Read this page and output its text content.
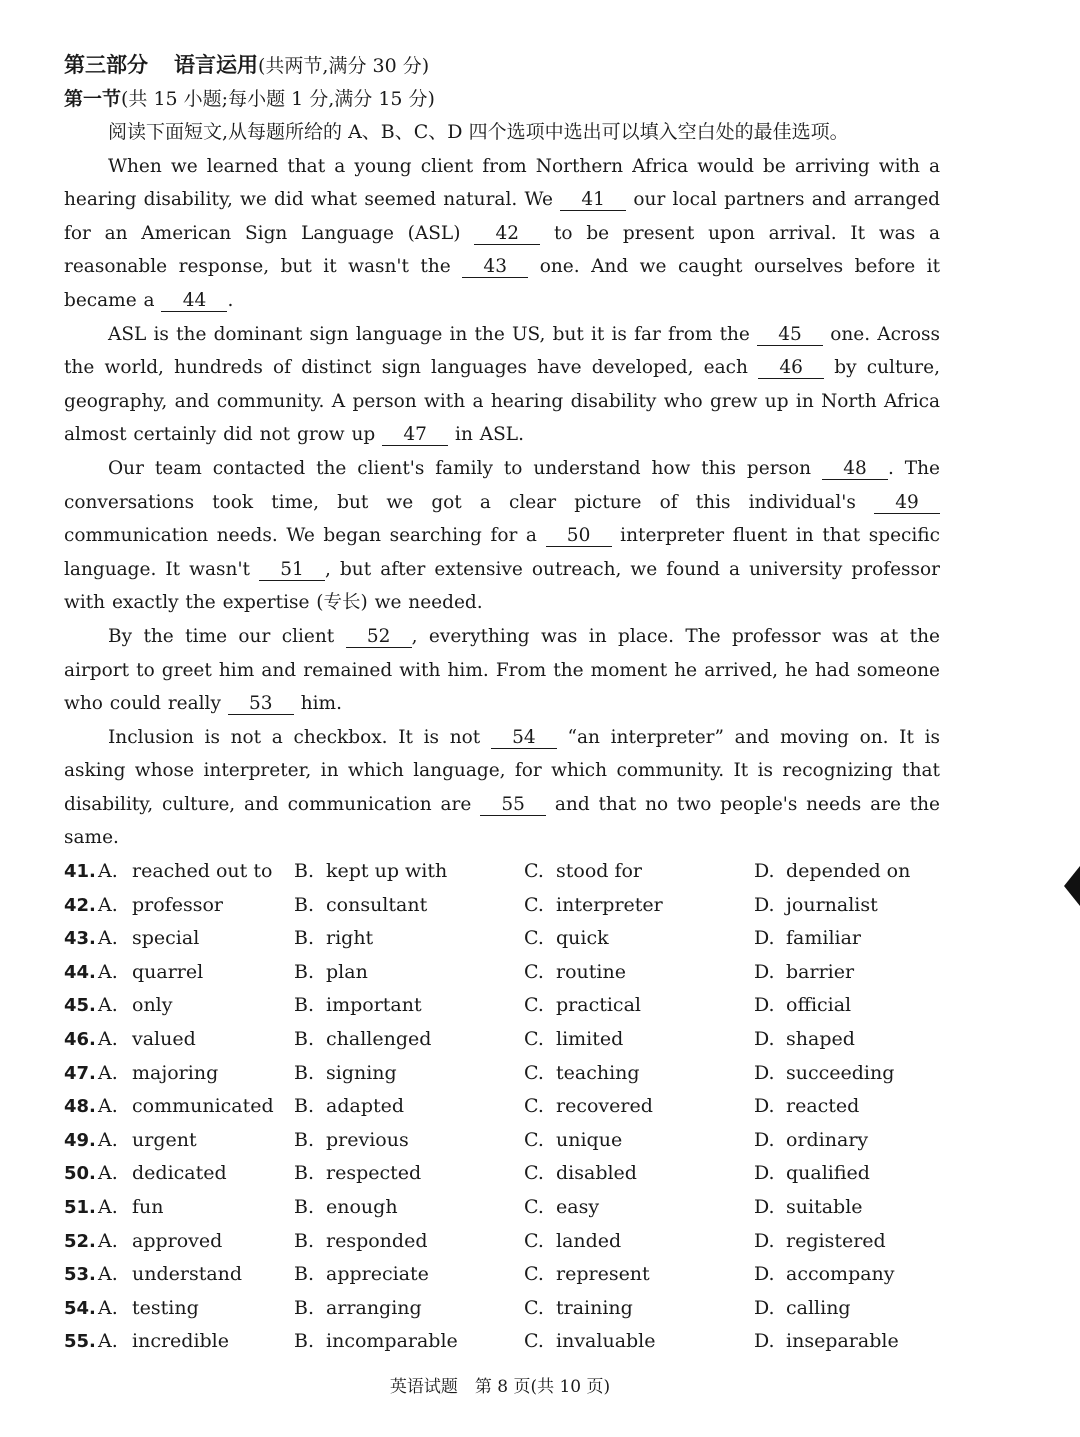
第三部分 语言运用(共两节,满分 30 分)
第一节(共 15 小题;每小题 1 分,满分 15 分)
阅读下面短文,从每题所给的 A、B、C、D 四个选项中选出可以填入空白处的最佳选项。

When we learned that a young client from Northern Africa would be arriving with a hearing disability, we did what seemed natural. We 41 our local partners and arranged for an American Sign Language (ASL) 42 to be present upon arrival. It was a reasonable response, but it wasn't the 43 one. And we caught ourselves before it became a 44 .

ASL is the dominant sign language in the US, but it is far from the 45 one. Across the world, hundreds of distinct sign languages have developed, each 46 by culture, geography, and community. A person with a hearing disability who grew up in North Africa almost certainly did not grow up 47 in ASL.

Our team contacted the client's family to understand how this person 48 . The conversations took time, but we got a clear picture of this individual's 49 communication needs. We began searching for a 50 interpreter fluent in that specific language. It wasn't 51 , but after extensive outreach, we found a university professor with exactly the expertise (专长) we needed.

By the time our client 52 , everything was in place. The professor was at the airport to greet him and remained with him. From the moment he arrived, he had someone who could really 53 him.

Inclusion is not a checkbox. It is not 54 “an interpreter” and moving on. It is asking whose interpreter, in which language, for which community. It is recognizing that disability, culture, and communication are 55 and that no two people's needs are the same.

41. A. reached out to B. kept up with	C. stood for	D. depended on
42. A. professor	B. consultant	C. interpreter	D. journalist
43. A. special	B. right	C. quick	D. familiar
44. A. quarrel	B. plan	C. routine	D. barrier
45. A. only	B. important	C. practical	D. official
46. A. valued	B. challenged	C. limited	D. shaped
47. A. majoring	B. signing	C. teaching	D. succeeding
48. A. communicated B. adapted	C. recovered	D. reacted
49. A. urgent	B. previous	C. unique	D. ordinary
50. A. dedicated	B. respected	C. disabled	D. qualified
51. A. fun	B. enough	C. easy	D. suitable
52. A. approved	B. responded	C. landed	D. registered
53. A. understand	B. appreciate	C. represent	D. accompany
54. A. testing	B. arranging	C. training	D. calling
55. A. incredible	B. incomparable	C. invaluable	D. inseparable
英语试题　第 8 页(共 10 页)
